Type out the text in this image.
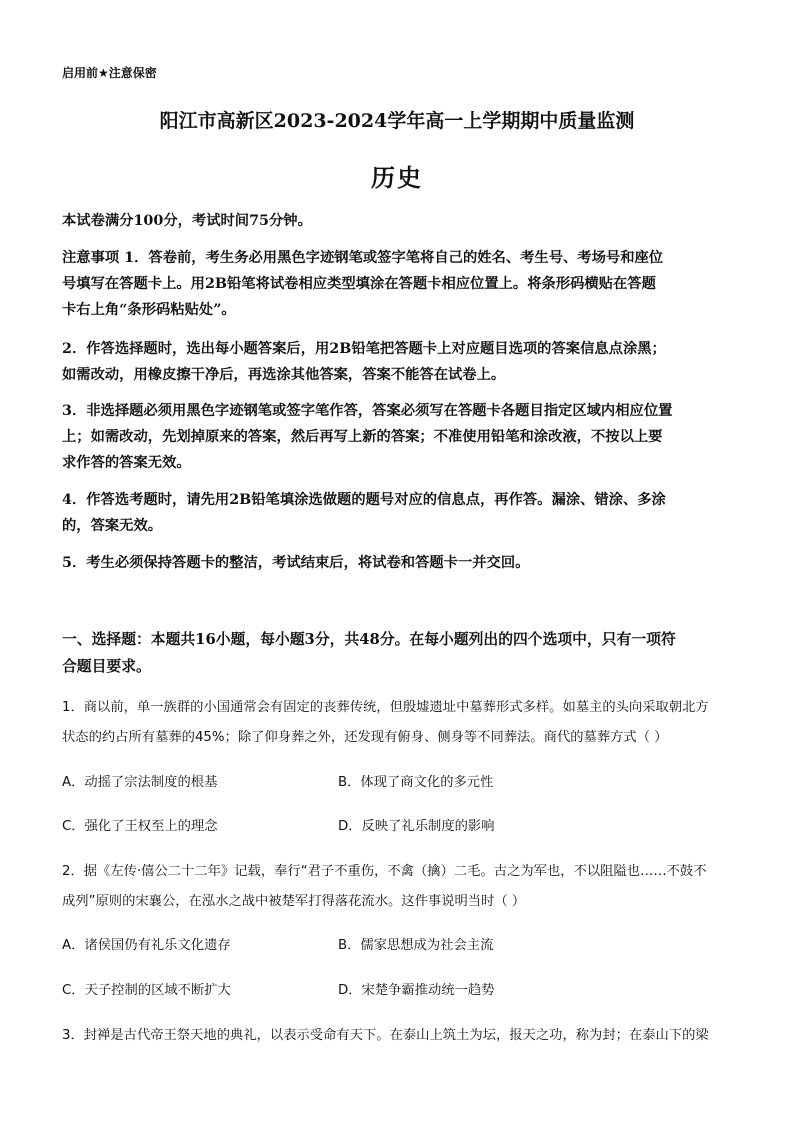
启用前★注意保密
阳江市高新区2023-2024学年高一上学期期中质量监测
历史
本试卷满分100分，考试时间75分钟。
注意事项 1．答卷前，考生务必用黑色字迹钢笔或签字笔将自己的姓名、考生号、考场号和座位
号填写在答题卡上。用2B铅笔将试卷相应类型填涂在答题卡相应位置上。将条形码横贴在答题
卡右上角“条形码粘贴处”。
2．作答选择题时，选出每小题答案后，用2B铅笔把答题卡上对应题目选项的答案信息点涂黑；
如需改动，用橡皮擦干净后，再选涂其他答案，答案不能答在试卷上。
3．非选择题必须用黑色字迹钢笔或签字笔作答，答案必须写在答题卡各题目指定区域内相应位置
上；如需改动，先划掉原来的答案，然后再写上新的答案；不准使用铅笔和涂改液，不按以上要
求作答的答案无效。
4．作答选考题时，请先用2B铅笔填涂选做题的题号对应的信息点，再作答。漏涂、错涂、多涂
的，答案无效。
5．考生必须保持答题卡的整洁，考试结束后，将试卷和答题卡一并交回。
一、选择题：本题共16小题，每小题3分，共48分。在每小题列出的四个选项中，只有一项符
合题目要求。
1．商以前，单一族群的小国通常会有固定的丧葬传统，但殷墟遗址中墓葬形式多样。如墓主的头向采取朝北方
状态的约占所有墓葬的45%；除了仰身葬之外，还发现有俯身、侧身等不同葬法。商代的墓葬方式（ ）
A．动摇了宗法制度的根基	B．体现了商文化的多元性
C．强化了王权至上的理念	D．反映了礼乐制度的影响
2．据《左传·僖公二十二年》记载，奉行“君子不重伤，不禽（擒）二毛。古之为军也，不以阻隘也……不鼓不
成列”原则的宋襄公，在泓水之战中被楚军打得落花流水。这件事说明当时（ ）
A．诸侯国仍有礼乐文化遗存	B．儒家思想成为社会主流
C．天子控制的区域不断扩大	D．宋楚争霸推动统一趋势
3．封禅是古代帝王祭天地的典礼，以表示受命有天下。在泰山上筑土为坛，报天之功，称为封；在泰山下的梁
